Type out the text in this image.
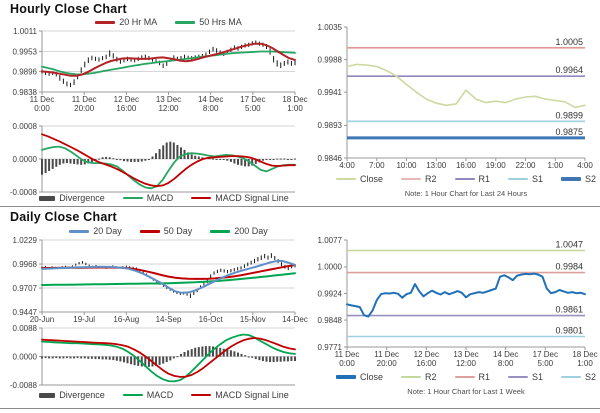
1.0011
0.9953
0.9896
0.9838
11 Dec
0:00
11 Dec
20:00
12 Dec
16:00
13 Dec
12:00
14 Dec
8:00
17 Dec
5:00
18 Dec
1:00
0.0008
0.0000
-0.0008
1.0035
0.9988
0.9941
0.9893
0.9846
4:00 7:00 10:00 13:00 16:00 19:00 22:00 1:00 4:00
1.0005
0.9964
0.9899
0.9875
1.0229
0.9968
0.9707
0.9447
20-Jun 19-Jul 16-Aug 14-Sep 16-Oct 15-Nov 14-Dec
0.0088
0.0000
-0.0088
1.0077
1.0000
0.9924
0.9848
0.9771
11 Dec
0:00
11 Dec
20:00
12 Dec
16:00
13 Dec
12:00
14 Dec
8:00
17 Dec
5:00
18 Dec
1:00
1.0047
0.9984
0.9861
0.9801
Hourly Close Chart
20 Hr MA	50 Hrs MA
Divergence	MACD	MACD Signal Line
Close	R2	R1	S1	S2
Note: 1 Hour Chart for Last 24 Hours
Daily Close Chart
20 Day	50 Day	200 Day
Divergence	MACD	MACD Signal Line
Close	R2	R1	S1	S2
Note: 1 Hour Chart for Last 1 Week
